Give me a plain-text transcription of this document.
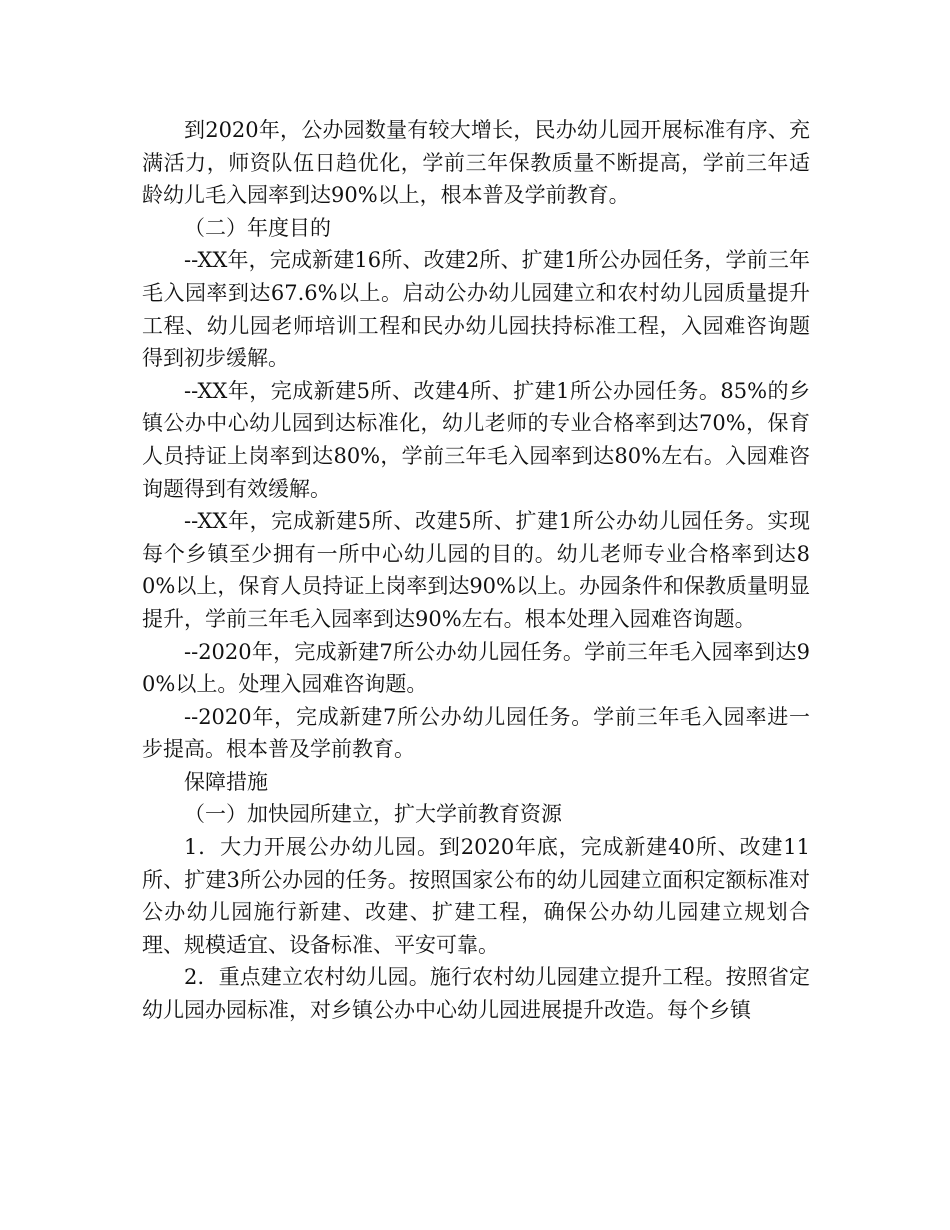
到2020年，公办园数量有较大增长，民办幼儿园开展标准有序、充满活力，师资队伍日趋优化，学前三年保教质量不断提高，学前三年适龄幼儿毛入园率到达90%以上，根本普及学前教育。

（二）年度目的

--XX年，完成新建16所、改建2所、扩建1所公办园任务，学前三年毛入园率到达67.6%以上。启动公办幼儿园建立和农村幼儿园质量提升工程、幼儿园老师培训工程和民办幼儿园扶持标准工程，入园难咨询题得到初步缓解。

--XX年，完成新建5所、改建4所、扩建1所公办园任务。85%的乡镇公办中心幼儿园到达标准化，幼儿老师的专业合格率到达70%，保育人员持证上岗率到达80%，学前三年毛入园率到达80%左右。入园难咨询题得到有效缓解。

--XX年，完成新建5所、改建5所、扩建1所公办幼儿园任务。实现每个乡镇至少拥有一所中心幼儿园的目的。幼儿老师专业合格率到达80%以上，保育人员持证上岗率到达90%以上。办园条件和保教质量明显提升，学前三年毛入园率到达90%左右。根本处理入园难咨询题。

--2020年，完成新建7所公办幼儿园任务。学前三年毛入园率到达90%以上。处理入园难咨询题。

--2020年，完成新建7所公办幼儿园任务。学前三年毛入园率进一步提高。根本普及学前教育。

保障措施

（一）加快园所建立，扩大学前教育资源

1．大力开展公办幼儿园。到2020年底，完成新建40所、改建11所、扩建3所公办园的任务。按照国家公布的幼儿园建立面积定额标准对公办幼儿园施行新建、改建、扩建工程，确保公办幼儿园建立规划合理、规模适宜、设备标准、平安可靠。

2．重点建立农村幼儿园。施行农村幼儿园建立提升工程。按照省定幼儿园办园标准，对乡镇公办中心幼儿园进展提升改造。每个乡镇
